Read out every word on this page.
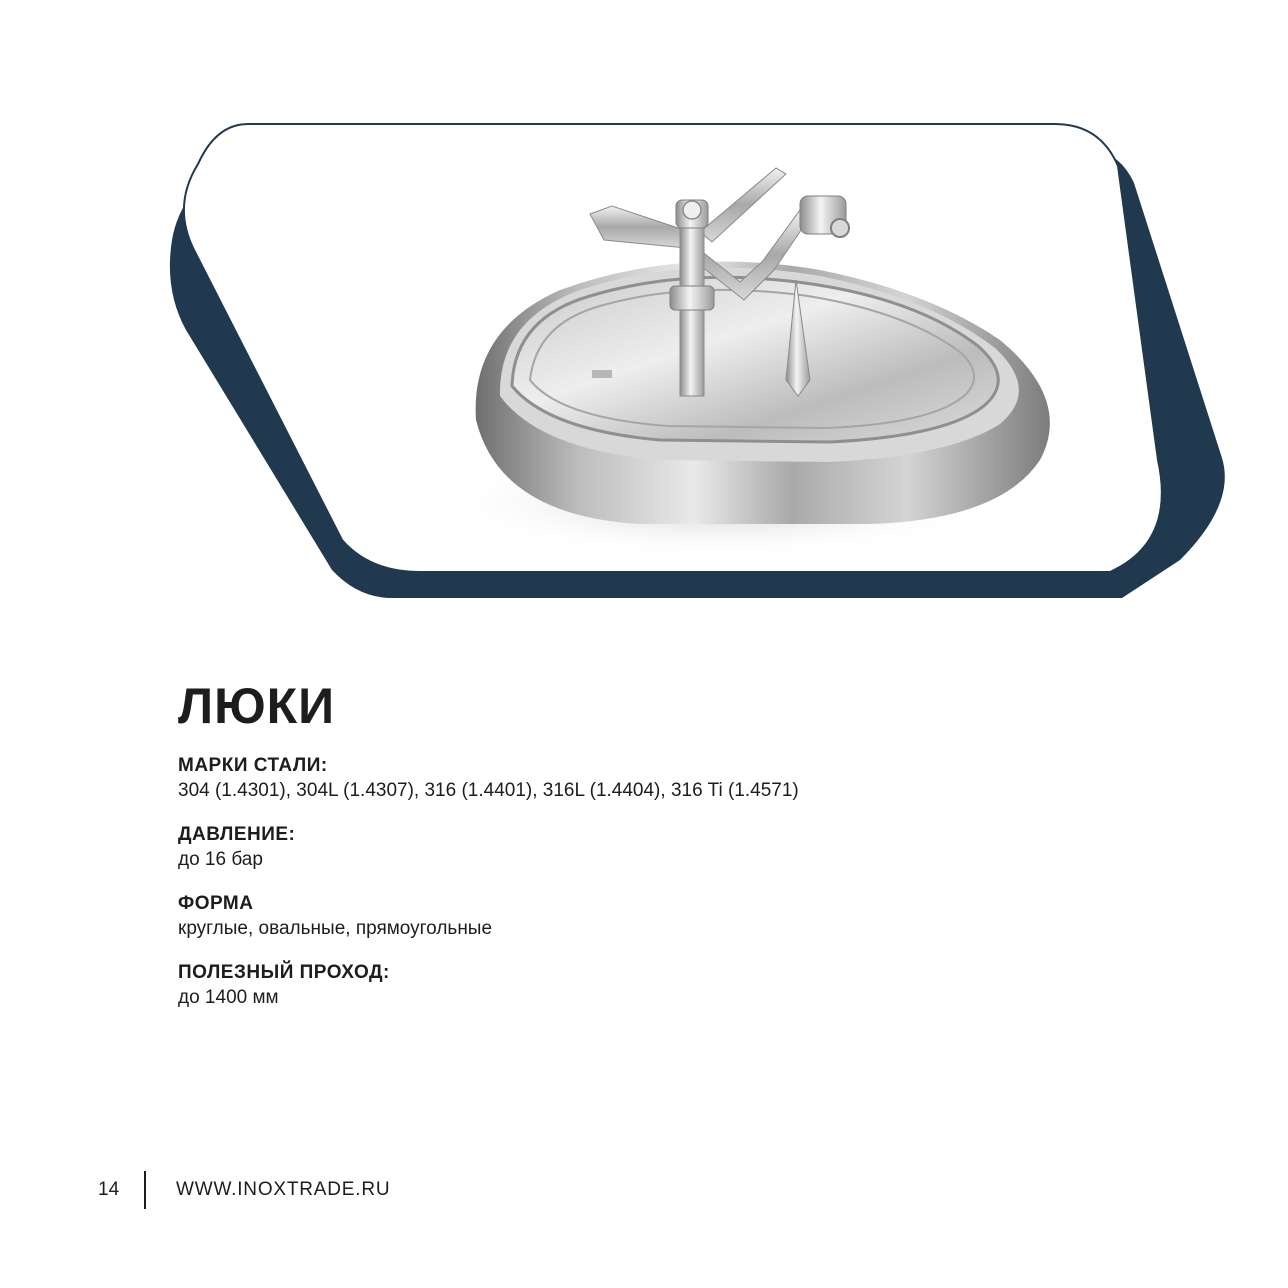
ЛЮКИ
МАРКИ СТАЛИ:
304 (1.4301), 304L (1.4307), 316 (1.4401), 316L (1.4404), 316 Ti (1.4571)
ДАВЛЕНИЕ:
до 16 бар
ФОРМА
круглые, овальные, прямоугольные
ПОЛЕЗНЫЙ ПРОХОД:
до 1400 мм
14	WWW.INOXTRADE.RU
